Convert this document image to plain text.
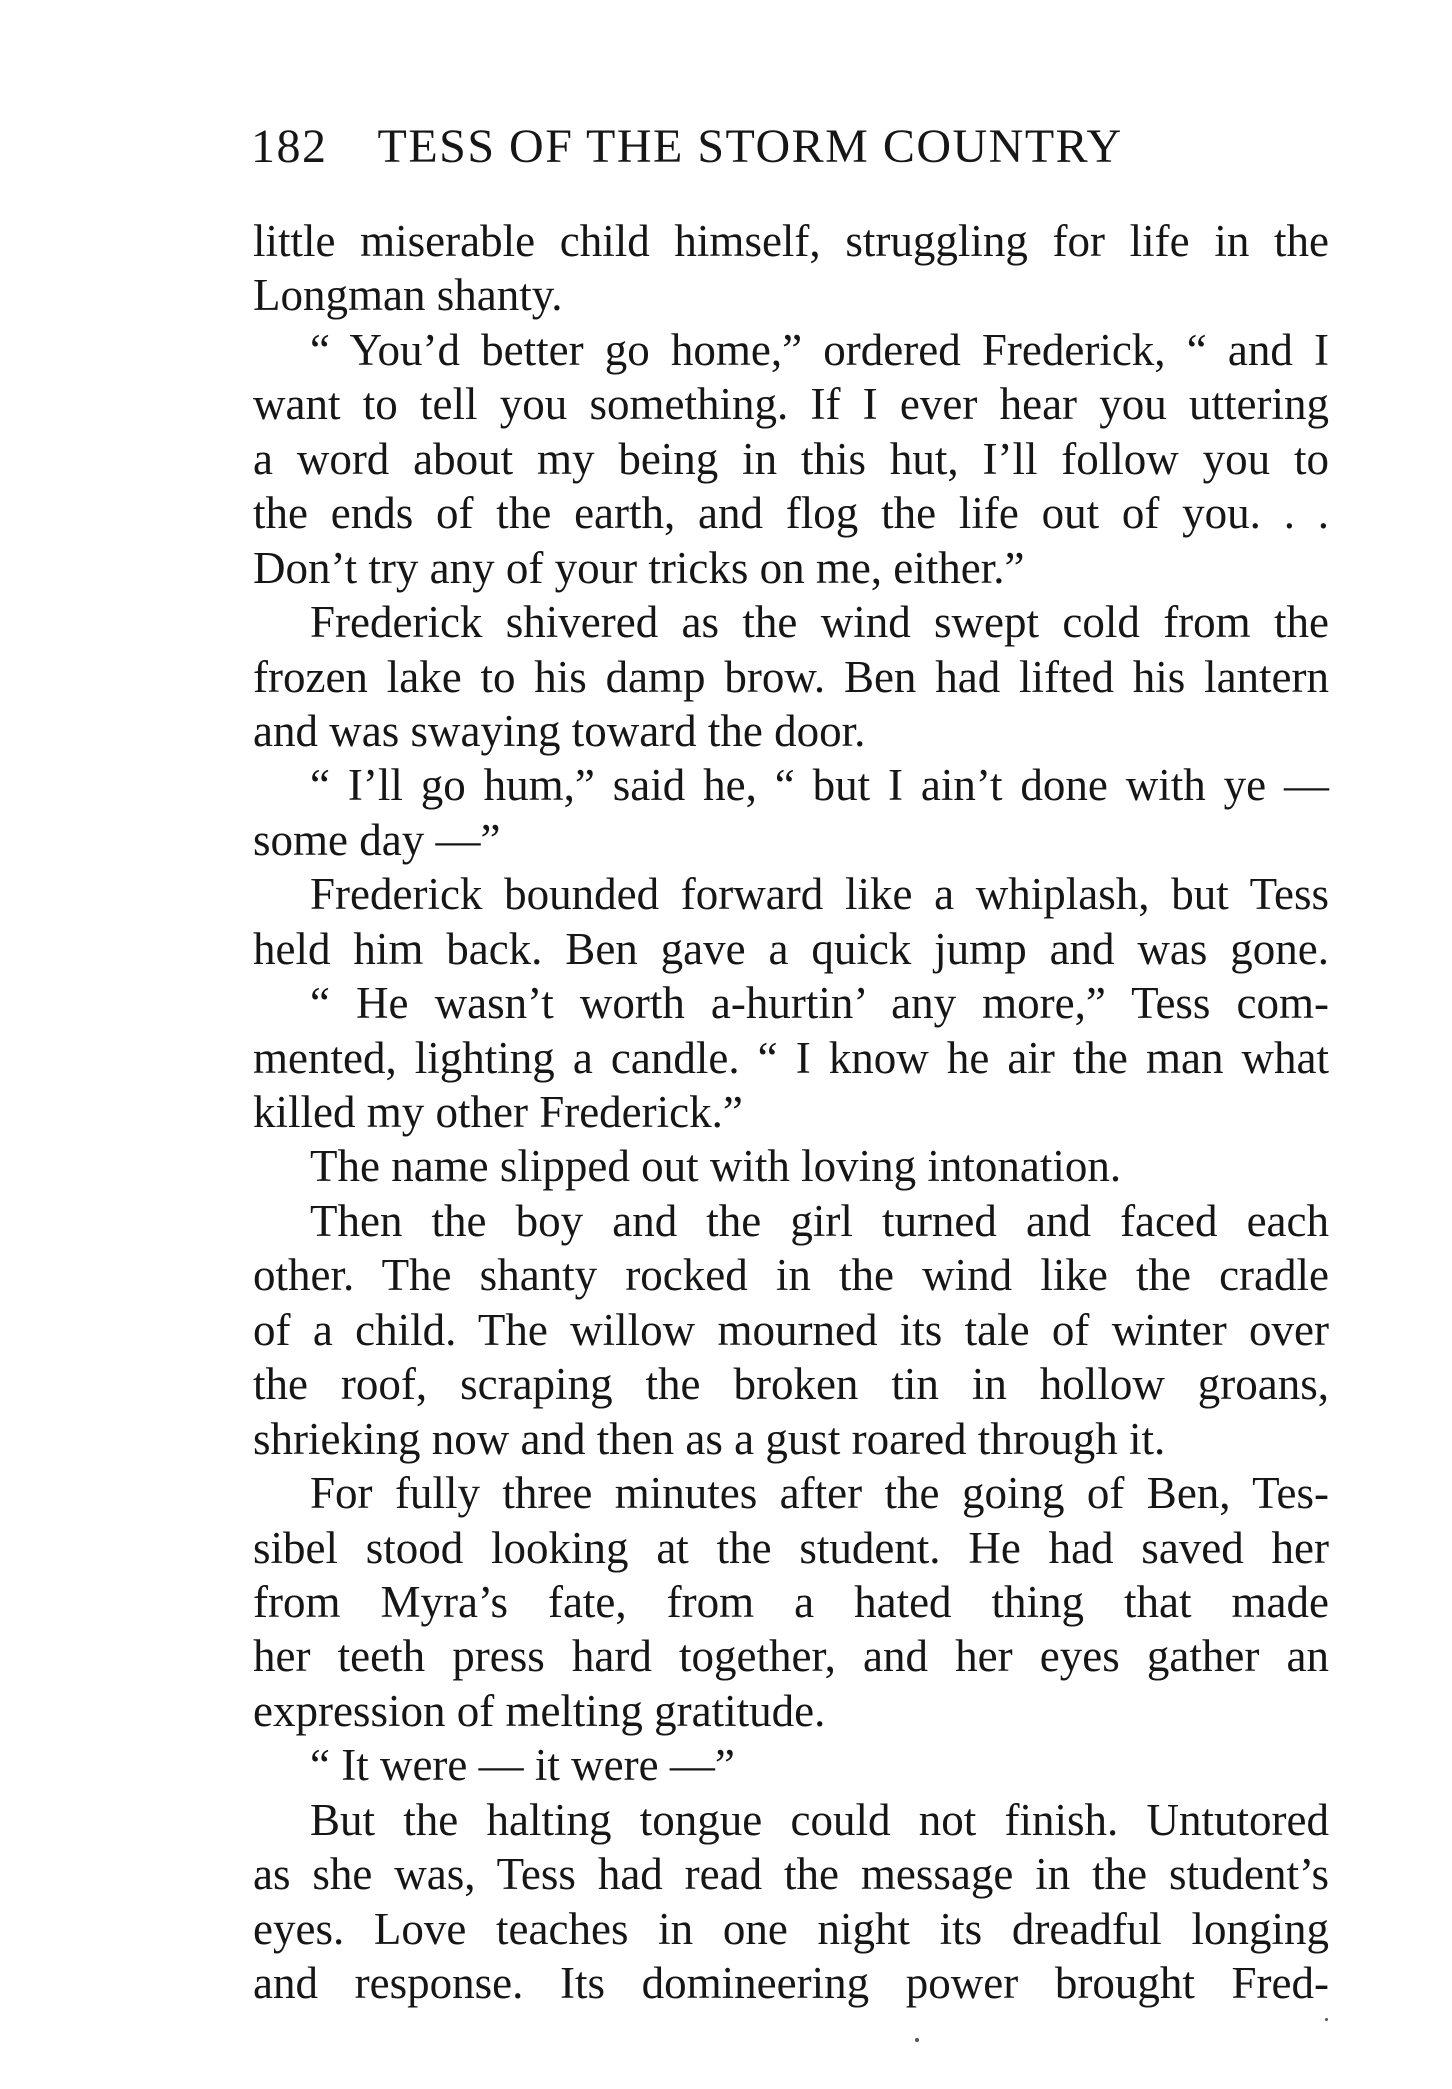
182 TESS OF THE STORM COUNTRY
little miserable child himself, struggling for life in the
Longman shanty.
“ You’d better go home,” ordered Frederick, “ and I
want to tell you something. If I ever hear you uttering
a word about my being in this hut, I’ll follow you to
the ends of the earth, and flog the life out of you. . .
Don’t try any of your tricks on me, either.”
Frederick shivered as the wind swept cold from the
frozen lake to his damp brow. Ben had lifted his lantern
and was swaying toward the door.
“ I’ll go hum,” said he, “ but I ain’t done with ye —
some day —”
Frederick bounded forward like a whiplash, but Tess
held him back. Ben gave a quick jump and was gone.
“ He wasn’t worth a-hurtin’ any more,” Tess com-
mented, lighting a candle. “ I know he air the man what
killed my other Frederick.”
The name slipped out with loving intonation.
Then the boy and the girl turned and faced each
other. The shanty rocked in the wind like the cradle
of a child. The willow mourned its tale of winter over
the roof, scraping the broken tin in hollow groans,
shrieking now and then as a gust roared through it.
For fully three minutes after the going of Ben, Tes-
sibel stood looking at the student. He had saved her
from Myra’s fate, from a hated thing that made
her teeth press hard together, and her eyes gather an
expression of melting gratitude.
“ It were — it were —”
But the halting tongue could not finish. Untutored
as she was, Tess had read the message in the student’s
eyes. Love teaches in one night its dreadful longing
and response. Its domineering power brought Fred-
